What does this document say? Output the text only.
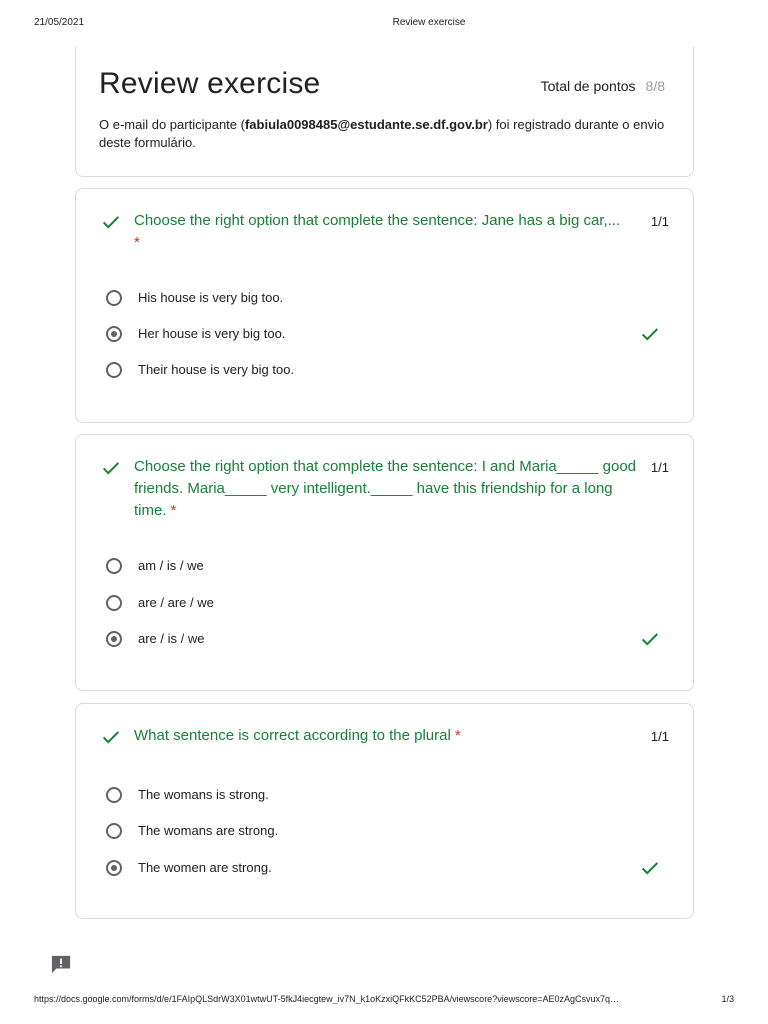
21/05/2021	Review exercise
Review exercise	Total de pontos 8/8
O e-mail do participante (fabiula0098485@estudante.se.df.gov.br) foi registrado durante o envio deste formulário.
Choose the right option that complete the sentence: Jane has a big car,...
*
1/1
His house is very big too.
Her house is very big too.
Their house is very big too.
Choose the right option that complete the sentence: I and Maria_____ good friends. Maria_____ very intelligent._____ have this friendship for a long time. *
1/1
am / is / we
are / are / we
are / is / we
What sentence is correct according to the plural *	1/1
The womans is strong.
The womans are strong.
The women are strong.
https://docs.google.com/forms/d/e/1FAIpQLSdrW3X01wtwUT-5fkJ4iecgtew_iv7N_k1oKzxiQFkKC52PBA/viewscore?viewscore=AE0zAgCsvux7q…	1/3
